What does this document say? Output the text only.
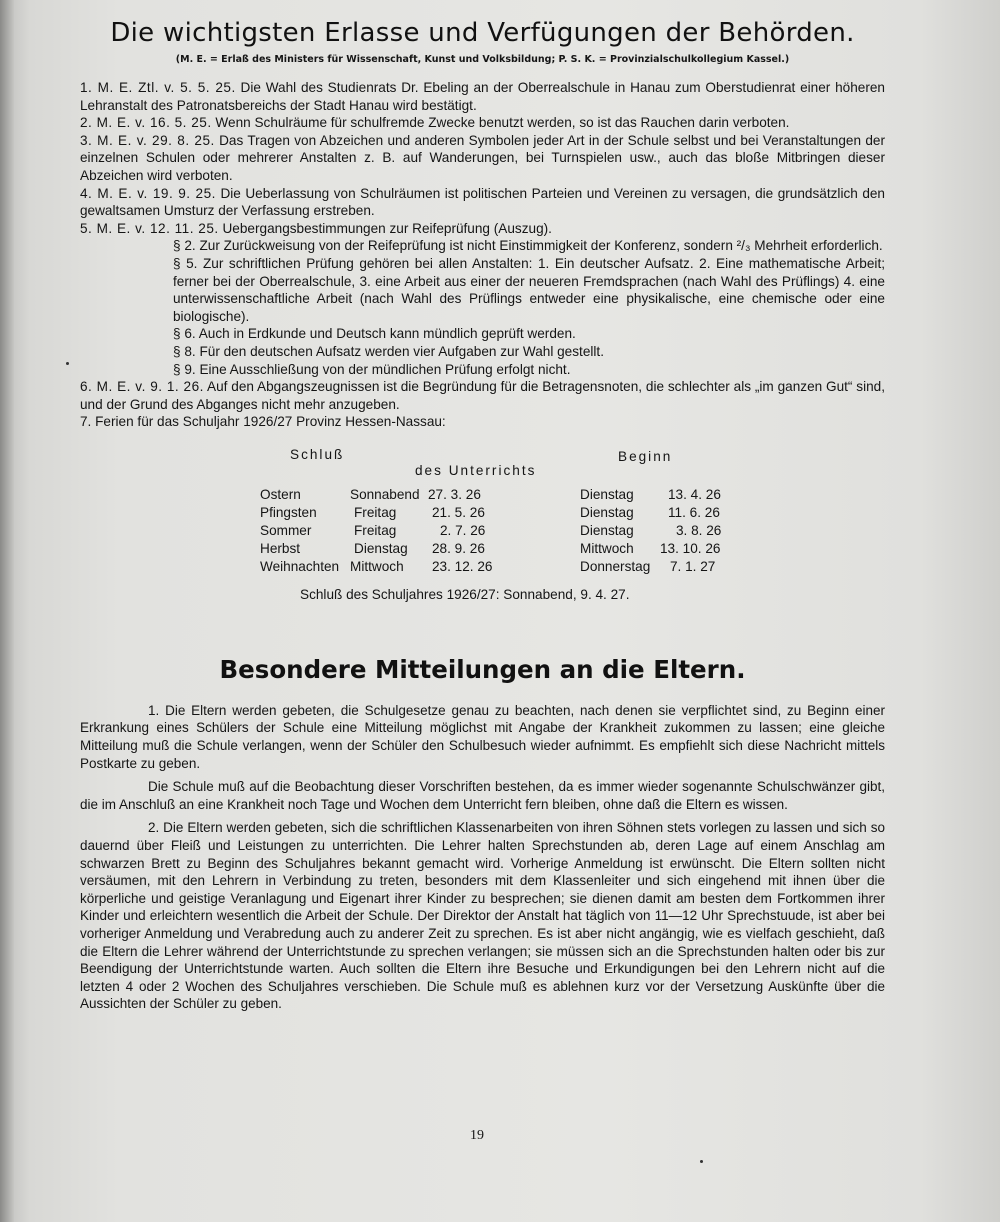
Die wichtigsten Erlasse und Verfügungen der Behörden.

(M. E. = Erlaß des Ministers für Wissenschaft, Kunst und Volksbildung; P. S. K. = Provinzialschulkollegium Kassel.)

1. M. E. Ztl. v. 5. 5. 25. Die Wahl des Studienrats Dr. Ebeling an der Oberrealschule in Hanau zum Oberstudienrat einer höheren Lehranstalt des Patronatsbereichs der Stadt Hanau wird bestätigt.

2. M. E. v. 16. 5. 25. Wenn Schulräume für schulfremde Zwecke benutzt werden, so ist das Rauchen darin verboten.

3. M. E. v. 29. 8. 25. Das Tragen von Abzeichen und anderen Symbolen jeder Art in der Schule selbst und bei Veranstaltungen der einzelnen Schulen oder mehrerer Anstalten z. B. auf Wanderungen, bei Turnspielen usw., auch das bloße Mitbringen dieser Abzeichen wird verboten.

4. M. E. v. 19. 9. 25. Die Ueberlassung von Schulräumen ist politischen Parteien und Vereinen zu versagen, die grundsätzlich den gewaltsamen Umsturz der Verfassung erstreben.

5. M. E. v. 12. 11. 25. Uebergangsbestimmungen zur Reifeprüfung (Auszug).

§ 2. Zur Zurückweisung von der Reifeprüfung ist nicht Einstimmigkeit der Konferenz, sondern ²/₃ Mehrheit erforderlich.

§ 5. Zur schriftlichen Prüfung gehören bei allen Anstalten: 1. Ein deutscher Aufsatz. 2. Eine mathematische Arbeit; ferner bei der Oberrealschule, 3. eine Arbeit aus einer der neueren Fremdsprachen (nach Wahl des Prüflings) 4. eine unterwissenschaftliche Arbeit (nach Wahl des Prüflings entweder eine physikalische, eine chemische oder eine biologische).

§ 6. Auch in Erdkunde und Deutsch kann mündlich geprüft werden.

§ 8. Für den deutschen Aufsatz werden vier Aufgaben zur Wahl gestellt.

§ 9. Eine Ausschließung von der mündlichen Prüfung erfolgt nicht.

6. M. E. v. 9. 1. 26. Auf den Abgangszeugnissen ist die Begründung für die Betragensnoten, die schlechter als „im ganzen Gut“ sind, und der Grund des Abganges nicht mehr anzugeben.

7. Ferien für das Schuljahr 1926/27 Provinz Hessen-Nassau:

Schluß
des Unterrichts
Beginn
Ostern	Sonnabend 27. 3. 26	Dienstag	13. 4. 26
Pfingsten	Freitag	21. 5. 26	Dienstag	11. 6. 26
Sommer	Freitag	2. 7. 26	Dienstag	3. 8. 26
Herbst	Dienstag 28. 9. 26	Mittwoch 13. 10. 26
Weihnachten Mittwoch 23. 12. 26	Donnerstag 7. 1. 27
Schluß des Schuljahres 1926/27: Sonnabend, 9. 4. 27.
Besondere Mitteilungen an die Eltern.

1. Die Eltern werden gebeten, die Schulgesetze genau zu beachten, nach denen sie verpflichtet sind, zu Beginn einer Erkrankung eines Schülers der Schule eine Mitteilung möglichst mit Angabe der Krankheit zukommen zu lassen; eine gleiche Mitteilung muß die Schule verlangen, wenn der Schüler den Schulbesuch wieder aufnimmt. Es empfiehlt sich diese Nachricht mittels Postkarte zu geben.

Die Schule muß auf die Beobachtung dieser Vorschriften bestehen, da es immer wieder sogenannte Schulschwänzer gibt, die im Anschluß an eine Krankheit noch Tage und Wochen dem Unterricht fern bleiben, ohne daß die Eltern es wissen.

2. Die Eltern werden gebeten, sich die schriftlichen Klassenarbeiten von ihren Söhnen stets vorlegen zu lassen und sich so dauernd über Fleiß und Leistungen zu unterrichten. Die Lehrer halten Sprechstunden ab, deren Lage auf einem Anschlag am schwarzen Brett zu Beginn des Schuljahres bekannt gemacht wird. Vorherige Anmeldung ist erwünscht. Die Eltern sollten nicht versäumen, mit den Lehrern in Verbindung zu treten, besonders mit dem Klassenleiter und sich eingehend mit ihnen über die körperliche und geistige Veranlagung und Eigenart ihrer Kinder zu besprechen; sie dienen damit am besten dem Fortkommen ihrer Kinder und erleichtern wesentlich die Arbeit der Schule. Der Direktor der Anstalt hat täglich von 11—12 Uhr Sprechstuude, ist aber bei vorheriger Anmeldung und Verabredung auch zu anderer Zeit zu sprechen. Es ist aber nicht angängig, wie es vielfach geschieht, daß die Eltern die Lehrer während der Unterrichtstunde zu sprechen verlangen; sie müssen sich an die Sprechstunden halten oder bis zur Beendigung der Unterrichtstunde warten. Auch sollten die Eltern ihre Besuche und Erkundigungen bei den Lehrern nicht auf die letzten 4 oder 2 Wochen des Schuljahres verschieben. Die Schule muß es ablehnen kurz vor der Versetzung Auskünfte über die Aussichten der Schüler zu geben.

19
